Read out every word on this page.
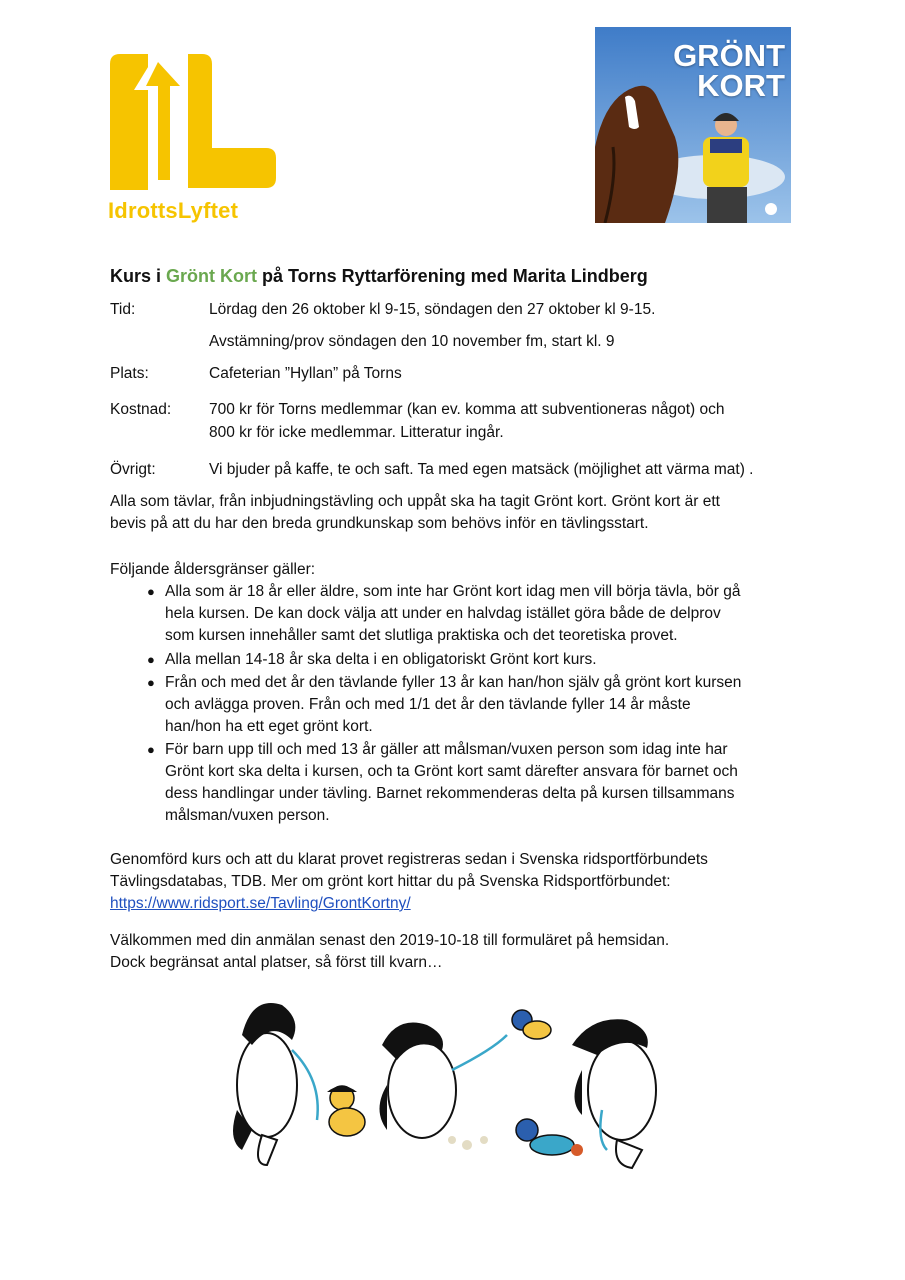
IdrottsLyftet
GRÖNT
KORT
Kurs i Grönt Kort på Torns Ryttarförening med Marita Lindberg
Tid:	Lördag den 26 oktober kl 9-15, söndagen den 27 oktober kl 9-15.
Avstämning/prov söndagen den 10 november fm, start kl. 9
Plats:	Cafeterian ”Hyllan” på Torns
Kostnad: 700 kr för Torns medlemmar (kan ev. komma att subventioneras något) och
800 kr för icke medlemmar. Litteratur ingår.
Övrigt:	Vi bjuder på kaffe, te och saft. Ta med egen matsäck (möjlighet att värma mat) .
Alla som tävlar, från inbjudningstävling och uppåt ska ha tagit Grönt kort. Grönt kort är ett
bevis på att du har den breda grundkunskap som behövs inför en tävlingsstart.
Följande åldersgränser gäller:
● Alla som är 18 år eller äldre, som inte har Grönt kort idag men vill börja tävla, bör gå
hela kursen. De kan dock välja att under en halvdag istället göra både de delprov
som kursen innehåller samt det slutliga praktiska och det teoretiska provet.
● Alla mellan 14-18 år ska delta i en obligatoriskt Grönt kort kurs.
● Från och med det år den tävlande fyller 13 år kan han/hon själv gå grönt kort kursen
och avlägga proven. Från och med 1/1 det år den tävlande fyller 14 år måste
han/hon ha ett eget grönt kort.
● För barn upp till och med 13 år gäller att målsman/vuxen person som idag inte har
Grönt kort ska delta i kursen, och ta Grönt kort samt därefter ansvara för barnet och
dess handlingar under tävling. Barnet rekommenderas delta på kursen tillsammans
målsman/vuxen person.
Genomförd kurs och att du klarat provet registreras sedan i Svenska ridsportförbundets
Tävlingsdatabas, TDB. Mer om grönt kort hittar du på Svenska Ridsportförbundet:
https://www.ridsport.se/Tavling/GrontKortny/
Välkommen med din anmälan senast den 2019-10-18 till formuläret på hemsidan.
Dock begränsat antal platser, så först till kvarn…
